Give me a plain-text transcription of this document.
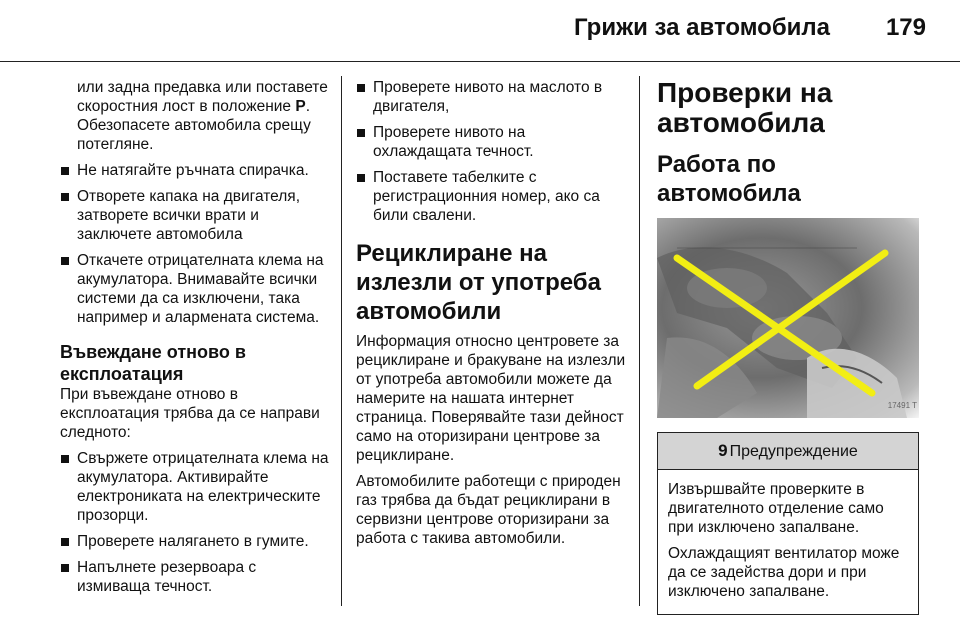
Грижи за автомобила 179

или задна предавка или поставете скоростния лост в положение P. Обезопасете автомобила срещу потегляне.

Не натягайте ръчната спирачка.
Отворете капака на двигателя, затворете всички врати и заключете автомобила
Откачете отрицателната клема на акумулатора. Внимавайте всички системи да са изключени, така например и алармената система.
Въвеждане отново в експлоатация

При въвеждане отново в експлоатация трябва да се направи следното:

Свържете отрицателната клема на акумулатора. Активирайте електрониката на електрическите прозорци.
Проверете налягането в гумите.
Напълнете резервоара с измиваща течност.
Проверете нивото на маслото в двигателя,
Проверете нивото на охлаждащата течност.
Поставете табелките с регистрационния номер, ако са били свалени.
Рециклиране на излезли от употреба автомобили

Информация относно центровете за рециклиране и бракуване на излезли от употреба автомобили можете да намерите на нашата интернет страница. Поверявайте тази дейност само на оторизирани центрове за рециклиране.

Автомобилите работещи с природен газ трябва да бъдат рециклирани в сервизни центрове оторизирани за работа с такива автомобили.

Проверки на автомобила
Работа по автомобила
17491 T
9 Предупреждение

Извършвайте проверките в двигателното отделение само при изключено запалване.

Охлаждащият вентилатор може да се задейства дори и при изключено запалване.
